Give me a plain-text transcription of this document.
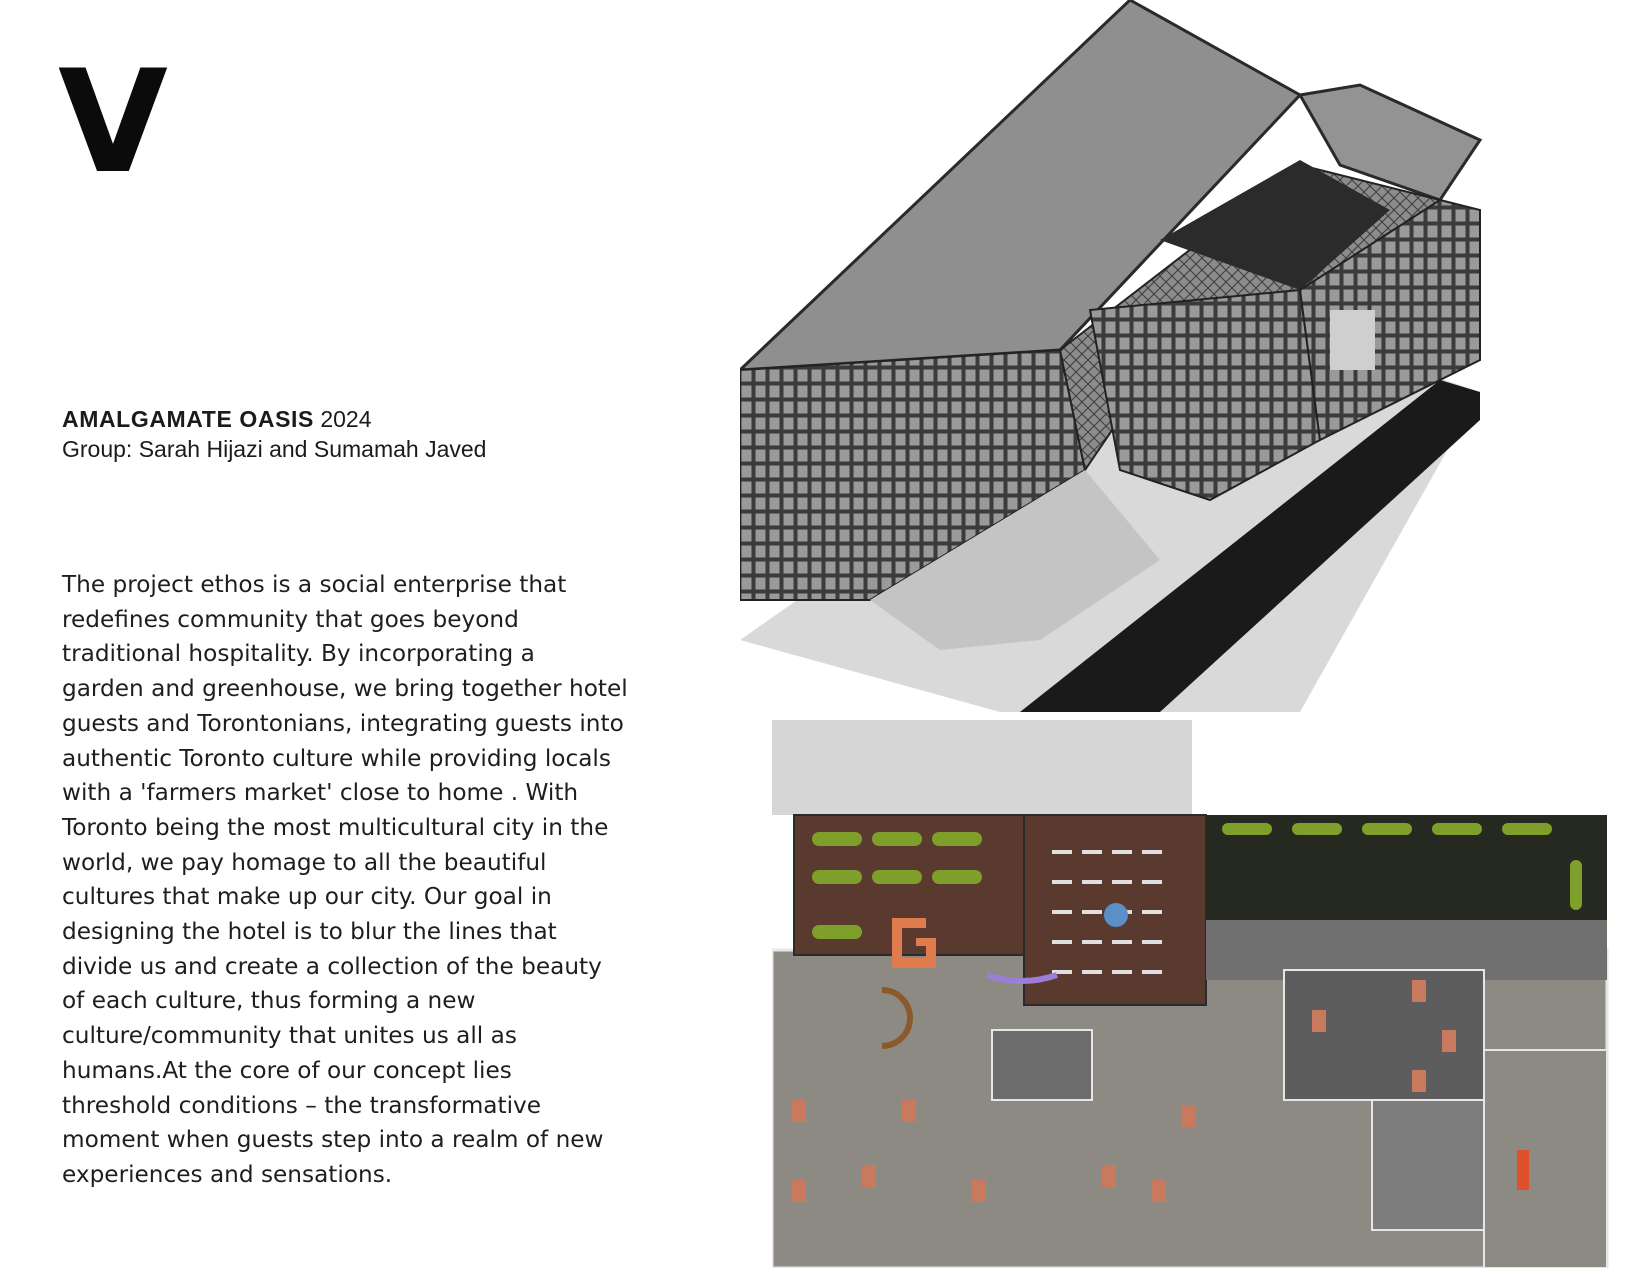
V
AMALGAMATE OASIS 2024
Group: Sarah Hijazi and Sumamah Javed
The project ethos is a social enterprise that
redefines community that goes beyond
traditional hospitality. By incorporating a
garden and greenhouse, we bring together hotel
guests and Torontonians, integrating guests into
authentic Toronto culture while providing locals
with a 'farmers market' close to home . With
Toronto being the most multicultural city in the
world, we pay homage to all the beautiful
cultures that make up our city. Our goal in
designing the hotel is to blur the lines that
divide us and create a collection of the beauty
of each culture, thus forming a new
culture/community that unites us all as
humans.At the core of our concept lies
threshold conditions – the transformative
moment when guests step into a realm of new
experiences and sensations.
